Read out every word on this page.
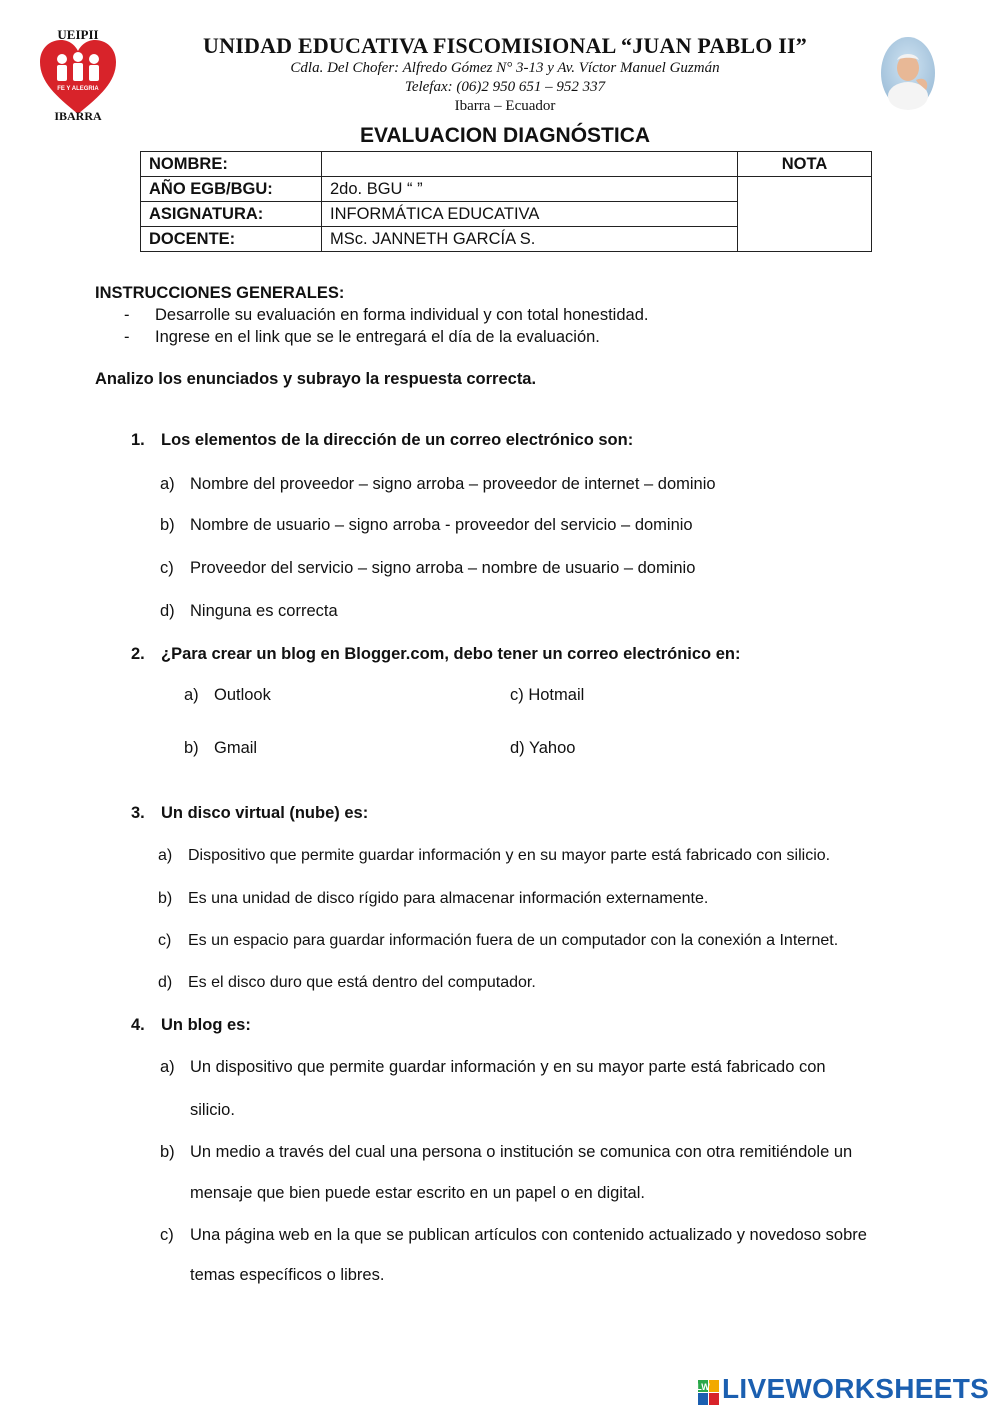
UEIPII
FE Y ALEGRIA
IBARRA
UNIDAD EDUCATIVA FISCOMISIONAL “JUAN PABLO II”
Cdla. Del Chofer: Alfredo Gómez N° 3-13 y Av. Víctor Manuel Guzmán
Telefax: (06)2 950 651 – 952 337
Ibarra – Ecuador
EVALUACION DIAGNÓSTICA
NOMBRE:		NOTA
AÑO EGB/BGU:	2do. BGU “ ”	
ASIGNATURA:	INFORMÁTICA EDUCATIVA	
DOCENTE:	MSc. JANNETH GARCÍA S.	
INSTRUCCIONES GENERALES:
- Desarrolle su evaluación en forma individual y con total honestidad.
- Ingrese en el link que se le entregará el día de la evaluación.
Analizo los enunciados y subrayo la respuesta correcta.
1. Los elementos de la dirección de un correo electrónico son:
a) Nombre del proveedor – signo arroba – proveedor de internet – dominio
b) Nombre de usuario – signo arroba - proveedor del servicio – dominio
c) Proveedor del servicio – signo arroba – nombre de usuario – dominio
d) Ninguna es correcta
2. ¿Para crear un blog en Blogger.com, debo tener un correo electrónico en:
a) Outlook
b) Gmail
c) Hotmail
d) Yahoo
3. Un disco virtual (nube) es:
a) Dispositivo que permite guardar información y en su mayor parte está fabricado con silicio.
b) Es una unidad de disco rígido para almacenar información externamente.
c) Es un espacio para guardar información fuera de un computador con la conexión a Internet.
d) Es el disco duro que está dentro del computador.
4. Un blog es:
a) Un dispositivo que permite guardar información y en su mayor parte está fabricado con
silicio.
b) Un medio a través del cual una persona o institución se comunica con otra remitiéndole un
mensaje que bien puede estar escrito en un papel o en digital.
c) Una página web en la que se publican artículos con contenido actualizado y novedoso sobre
temas específicos o libres.
LW LIVEWORKSHEETS
